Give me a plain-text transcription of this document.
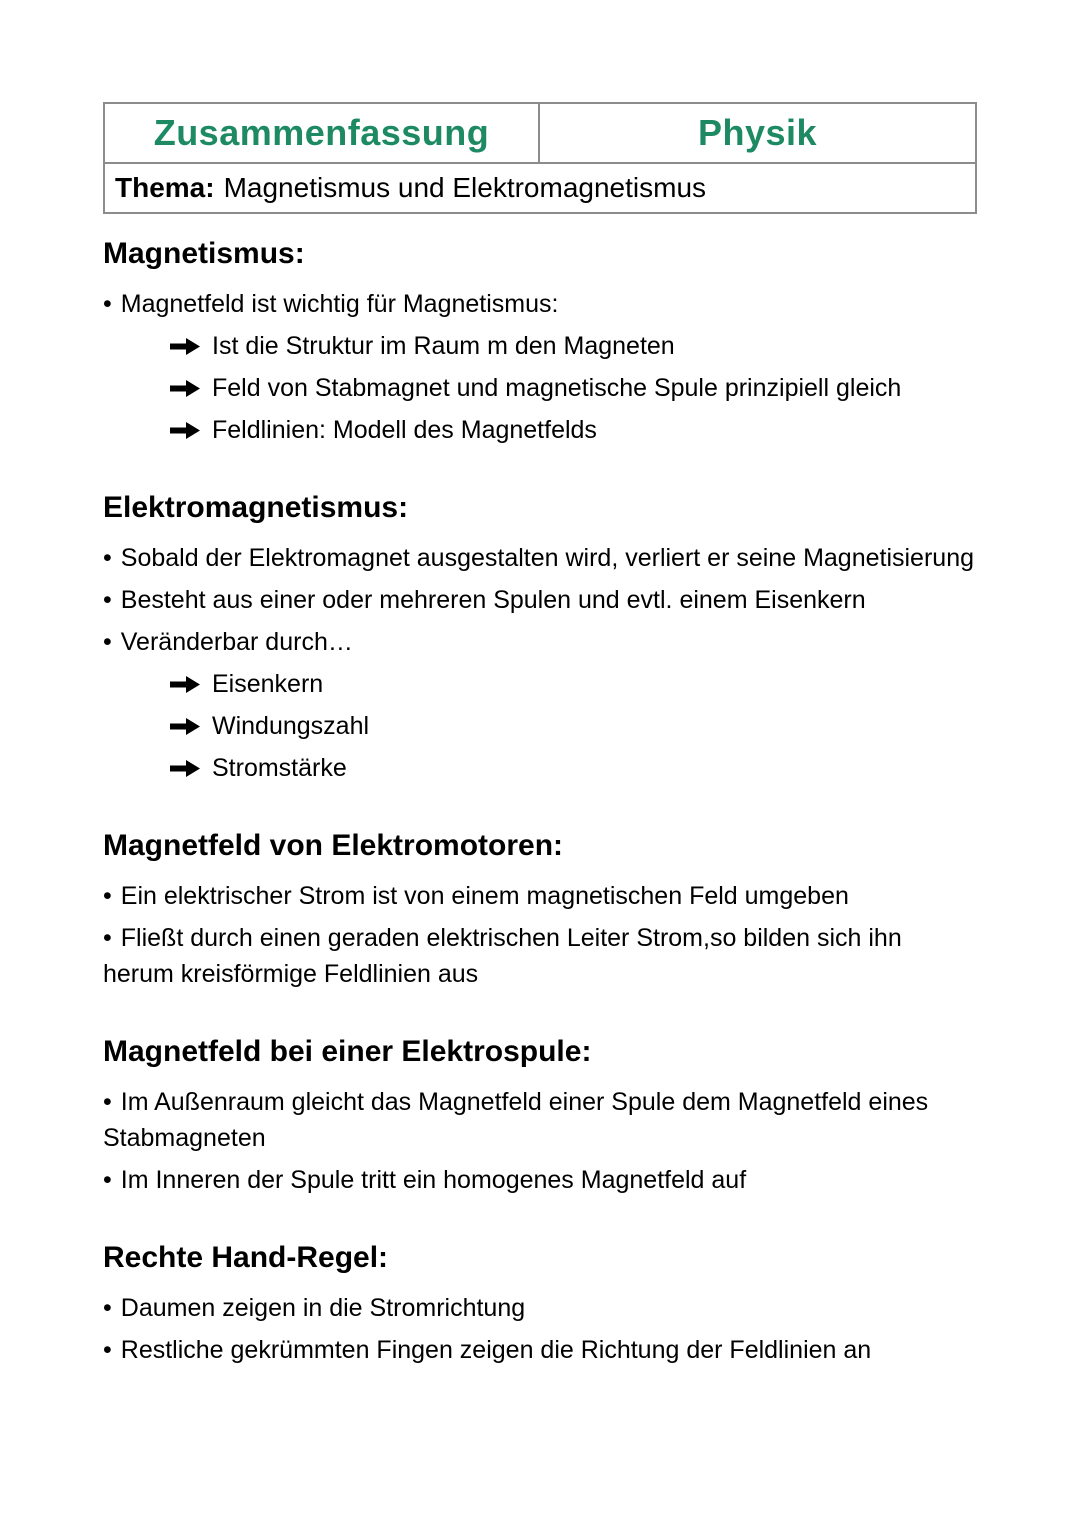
Zusammenfassung	Physik
Thema: Magnetismus und Elektromagnetismus
Magnetismus:
• Magnetfeld ist wichtig für Magnetismus:
Ist die Struktur im Raum m den Magneten
Feld von Stabmagnet und magnetische Spule prinzipiell gleich
Feldlinien: Modell des Magnetfelds
Elektromagnetismus:
• Sobald der Elektromagnet ausgestalten wird, verliert er seine Magnetisierung
• Besteht aus einer oder mehreren Spulen und evtl. einem Eisenkern
• Veränderbar durch…
Eisenkern
Windungszahl
Stromstärke
Magnetfeld von Elektromotoren:
• Ein elektrischer Strom ist von einem magnetischen Feld umgeben
• Fließt durch einen geraden elektrischen Leiter Strom,so bilden sich ihn herum kreisförmige Feldlinien aus
Magnetfeld bei einer Elektrospule:
• Im Außenraum gleicht das Magnetfeld einer Spule dem Magnetfeld eines Stabmagneten
• Im Inneren der Spule tritt ein homogenes Magnetfeld auf
Rechte Hand-Regel:
• Daumen zeigen in die Stromrichtung
• Restliche gekrümmten Fingen zeigen die Richtung der Feldlinien an
